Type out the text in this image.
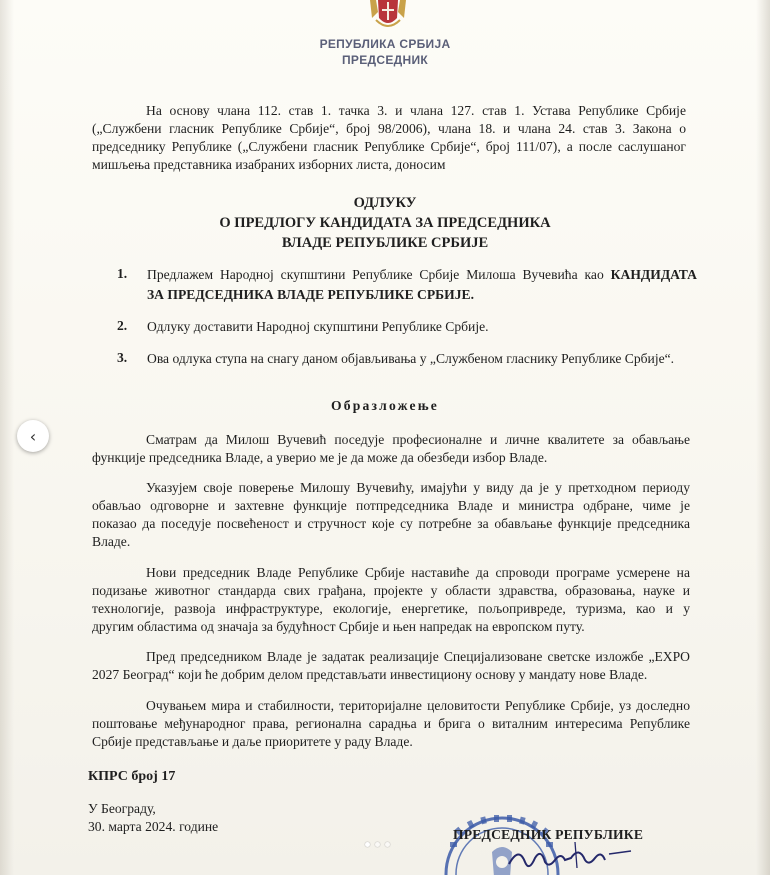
РЕПУБЛИКА СРБИЈА
ПРЕДСЕДНИК
На основу члана 112. став 1. тачка 3. и члана 127. став 1. Устава Републике Србије
(„Службени гласник Републике Србије“, број 98/2006), члана 18. и члана 24. став 3. Закона о
председнику Републике („Службени гласник Републике Србије“, број 111/07), а после саслушаног
мишљења представника изабраних изборних листа, доносим
ОДЛУКУ
О ПРЕДЛОГУ КАНДИДАТА ЗА ПРЕДСЕДНИКА
ВЛАДЕ РЕПУБЛИКЕ СРБИЈЕ
1. Предлажем Народној скупштини Републике Србије Милоша Вучевића као КАНДИДАТА
ЗА ПРЕДСЕДНИКА ВЛАДЕ РЕПУБЛИКЕ СРБИЈЕ.
2. Одлуку доставити Народној скупштини Републике Србије.
3. Ова одлука ступа на снагу даном објављивања у „Службеном гласнику Републике Србије“.
Образложење
Сматрам да Милош Вучевић поседује професионалне и личне квалитете за обављање
функције председника Владе, а уверио ме је да може да обезбеди избор Владе.
Указујем своје поверење Милошу Вучевићу, имајући у виду да је у претходном периоду
обављао одговорне и захтевне функције потпредседника Владе и министра одбране, чиме је
показао да поседује посвећеност и стручност које су потребне за обављање функције председника
Владе.
Нови председник Владе Републике Србије наставиће да спроводи програме усмерене на
подизање животног стандарда свих грађана, пројекте у области здравства, образовања, науке и
технологије, развоја инфраструктуре, екологије, енергетике, пољопривреде, туризма, као и у
другим областима од значаја за будућност Србије и њен напредак на европском путу.
Пред председником Владе је задатак реализације Специјализоване светске изложбе „EXPO
2027 Београд“ који ће добрим делом представљати инвестициону основу у мандату нове Владе.
Очувањем мира и стабилности, територијалне целовитости Републике Србије, уз доследно
поштовање међународног права, регионална сарадња и брига о виталним интересима Републике
Србије представљање и даље приоритете у раду Владе.
КПРС број 17
У Београду,
30. марта 2024. године
ПРЕДСЕДНИК РЕПУБЛИКЕ
‹
